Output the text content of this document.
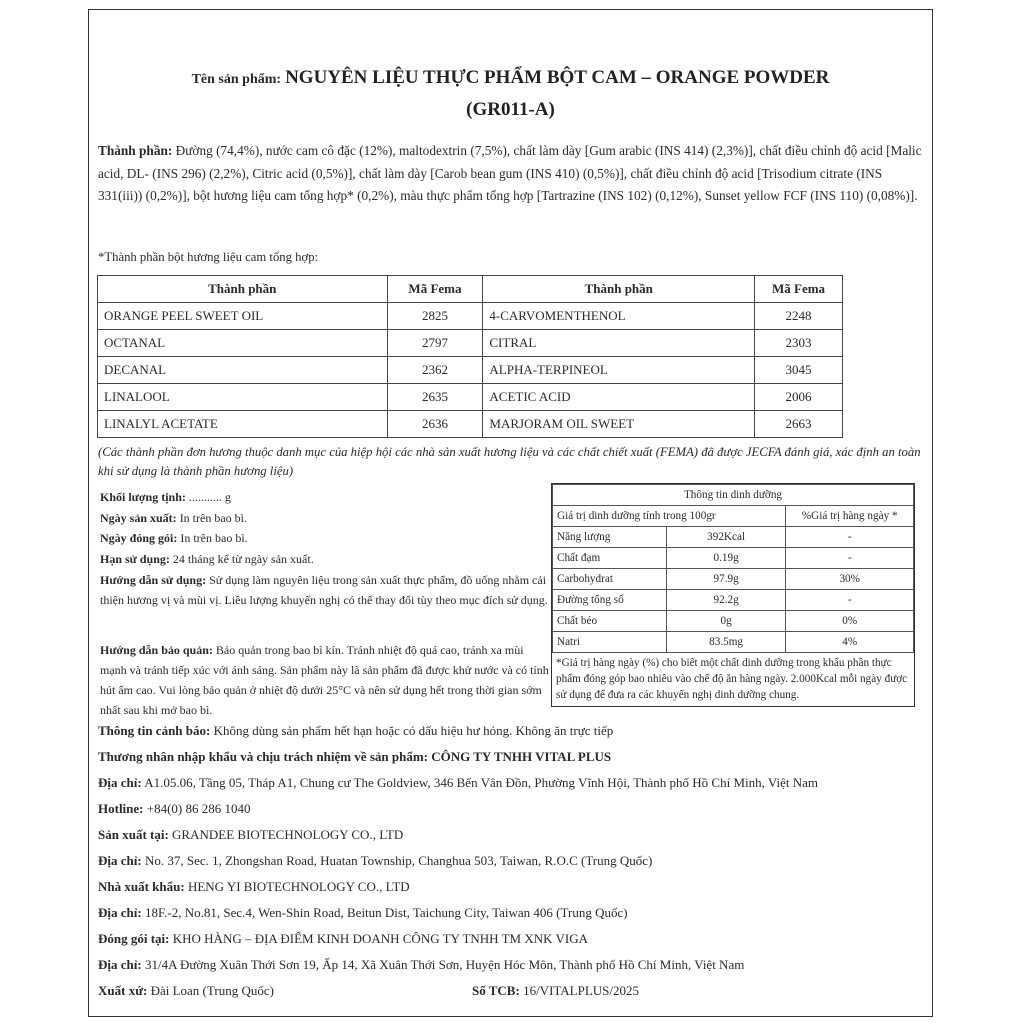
Tên sản phẩm: NGUYÊN LIỆU THỰC PHẨM BỘT CAM – ORANGE POWDER
(GR011-A)
Thành phần: Đường (74,4%), nước cam cô đặc (12%), maltodextrin (7,5%), chất làm dày [Gum arabic (INS 414) (2,3%)], chất điều chỉnh độ acid [Malic acid, DL- (INS 296) (2,2%), Citric acid (0,5%)], chất làm dày [Carob bean gum (INS 410) (0,5%)], chất điều chỉnh độ acid [Trisodium citrate (INS 331(iii)) (0,2%)], bột hương liệu cam tổng hợp* (0,2%), màu thực phẩm tổng hợp [Tartrazine (INS 102) (0,12%), Sunset yellow FCF (INS 110) (0,08%)].
*Thành phần bột hương liệu cam tổng hợp:
Thành phần	Mã Fema	Thành phần	Mã Fema
ORANGE PEEL SWEET OIL	2825	4-CARVOMENTHENOL	2248
OCTANAL	2797	CITRAL	2303
DECANAL	2362	ALPHA-TERPINEOL	3045
LINALOOL	2635	ACETIC ACID	2006
LINALYL ACETATE	2636	MARJORAM OIL SWEET	2663
(Các thành phần đơn hương thuộc danh mục của hiệp hội các nhà sản xuất hương liệu và các chất chiết xuất (FEMA) đã được JECFA đánh giá, xác định an toàn khi sử dụng là thành phần hương liệu)
Khối lượng tịnh: ........... g
Ngày sản xuất: In trên bao bì.
Ngày đóng gói: In trên bao bì.
Hạn sử dụng: 24 tháng kể từ ngày sản xuất.
Hướng dẫn sử dụng: Sử dụng làm nguyên liệu trong sản xuất thực phẩm, đồ uống nhằm cải thiện hương vị và mùi vị. Liều lượng khuyến nghị có thể thay đổi tùy theo mục đích sử dụng.
Hướng dẫn bảo quản: Bảo quản trong bao bì kín. Tránh nhiệt độ quá cao, tránh xa mùi mạnh và tránh tiếp xúc với ánh sáng. Sản phẩm này là sản phẩm đã được khử nước và có tính hút ẩm cao. Vui lòng bảo quản ở nhiệt độ dưới 25°C và nên sử dụng hết trong thời gian sớm nhất sau khi mở bao bì.
Thông tin dinh dưỡng		
Giá trị dinh dưỡng tính trong 100gr		%Giá trị hàng ngày *
Năng lượng	392Kcal	-
Chất đạm	0.19g	-
Carbohydrat	97.9g	30%
Đường tổng số	92.2g	-
Chất béo	0g	0%
Natri	83.5mg	4%
*Giá trị hàng ngày (%) cho biết một chất dinh dưỡng trong khẩu phần thực phẩm đóng góp bao nhiêu vào chế độ ăn hàng ngày. 2.000Kcal mỗi ngày được sử dụng để đưa ra các khuyến nghị dinh dưỡng chung.
Thông tin cảnh báo: Không dùng sản phẩm hết hạn hoặc có dấu hiệu hư hỏng. Không ăn trực tiếp
Thương nhân nhập khẩu và chịu trách nhiệm về sản phẩm: CÔNG TY TNHH VITAL PLUS
Địa chỉ: A1.05.06, Tầng 05, Tháp A1, Chung cư The Goldview, 346 Bến Vân Đồn, Phường Vĩnh Hội, Thành phố Hồ Chí Minh, Việt Nam
Hotline: +84(0) 86 286 1040
Sản xuất tại: GRANDEE BIOTECHNOLOGY CO., LTD
Địa chỉ: No. 37, Sec. 1, Zhongshan Road, Huatan Township, Changhua 503, Taiwan, R.O.C (Trung Quốc)
Nhà xuất khẩu: HENG YI BIOTECHNOLOGY CO., LTD
Địa chỉ: 18F.-2, No.81, Sec.4, Wen-Shin Road, Beitun Dist, Taichung City, Taiwan 406 (Trung Quốc)
Đóng gói tại: KHO HÀNG – ĐỊA ĐIỂM KINH DOANH CÔNG TY TNHH TM XNK VIGA
Địa chỉ: 31/4A Đường Xuân Thới Sơn 19, Ấp 14, Xã Xuân Thới Sơn, Huyện Hóc Môn, Thành phố Hồ Chí Minh, Việt Nam
Xuất xứ: Đài Loan (Trung Quốc)	Số TCB: 16/VITALPLUS/2025
